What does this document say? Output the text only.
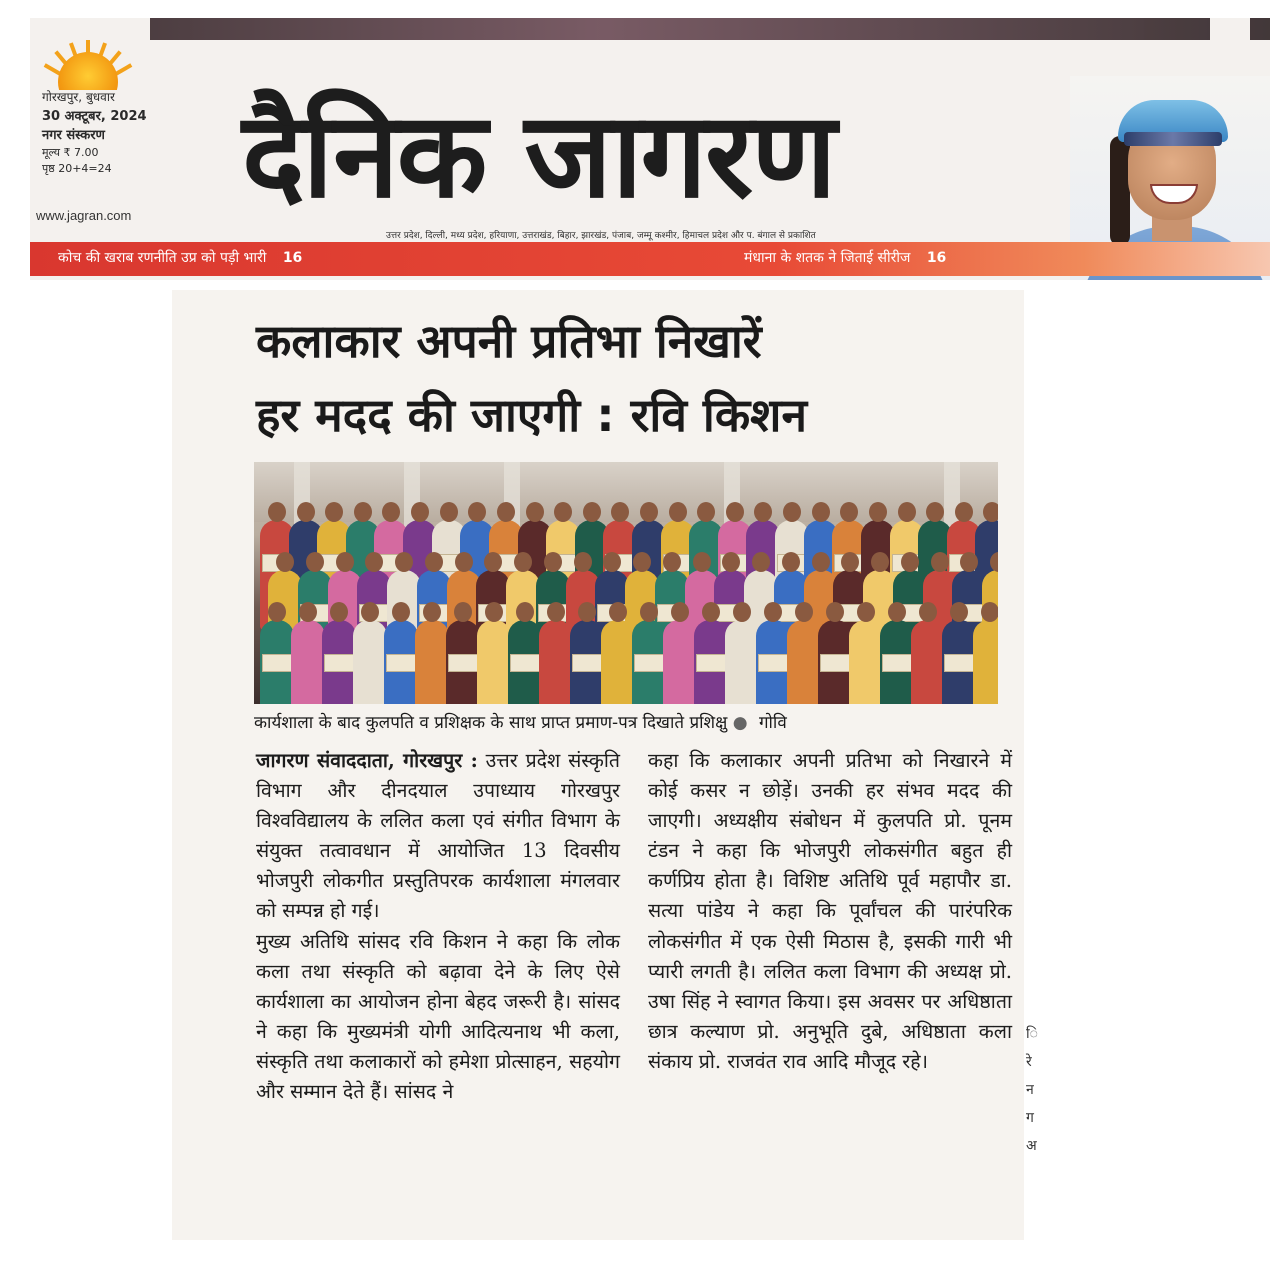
गोरखपुर, बुधवार
30 अक्टूबर, 2024
नगर संस्करण
मूल्य ₹ 7.00
पृष्ठ 20+4=24
www.jagran.com दैनिक जागरण
उत्तर प्रदेश, दिल्ली, मध्य प्रदेश, हरियाणा, उत्तराखंड, बिहार, झारखंड, पंजाब, जम्मू कश्मीर, हिमाचल प्रदेश और प. बंगाल से प्रकाशित
कोच की खराब रणनीति उप्र को पड़ी भारी 16	मंधाना के शतक ने जिताई सीरीज 16
कलाकार अपनी प्रतिभा निखारें
हर मदद की जाएगी : रवि किशन
कार्यशाला के बाद कुलपति व प्रशिक्षक के साथ प्राप्त प्रमाण-पत्र दिखाते प्रशिक्षु ● गोवि

जागरण संवाददाता, गोरखपुर : उत्तर प्रदेश संस्कृति विभाग और दीनदयाल उपाध्याय गोरखपुर विश्वविद्यालय के ललित कला एवं संगीत विभाग के संयुक्त तत्वावधान में आयोजित 13 दिवसीय भोजपुरी लोकगीत प्रस्तुतिपरक कार्यशाला मंगलवार को सम्पन्न हो गई।

मुख्य अतिथि सांसद रवि किशन ने कहा कि लोक कला तथा संस्कृति को बढ़ावा देने के लिए ऐसे कार्यशाला का आयोजन होना बेहद जरूरी है। सांसद ने कहा कि मुख्यमंत्री योगी आदित्यनाथ भी कला, संस्कृति तथा कलाकारों को हमेशा प्रोत्साहन, सहयोग और सम्मान देते हैं। सांसद ने

कहा कि कलाकार अपनी प्रतिभा को निखारने में कोई कसर न छोड़ें। उनकी हर संभव मदद की जाएगी। अध्यक्षीय संबोधन में कुलपति प्रो. पूनम टंडन ने कहा कि भोजपुरी लोकसंगीत बहुत ही कर्णप्रिय होता है। विशिष्ट अतिथि पूर्व महापौर डा. सत्या पांडेय ने कहा कि पूर्वांचल की पारंपरिक लोकसंगीत में एक ऐसी मिठास है, इसकी गारी भी प्यारी लगती है। ललित कला विभाग की अध्यक्ष प्रो. उषा सिंह ने स्वागत किया। इस अवसर पर अधिष्ठाता छात्र कल्याण प्रो. अनुभूति दुबे, अधिष्ठाता कला संकाय प्रो. राजवंत राव आदि मौजूद रहे।

ि
रे
न
ग
अ
